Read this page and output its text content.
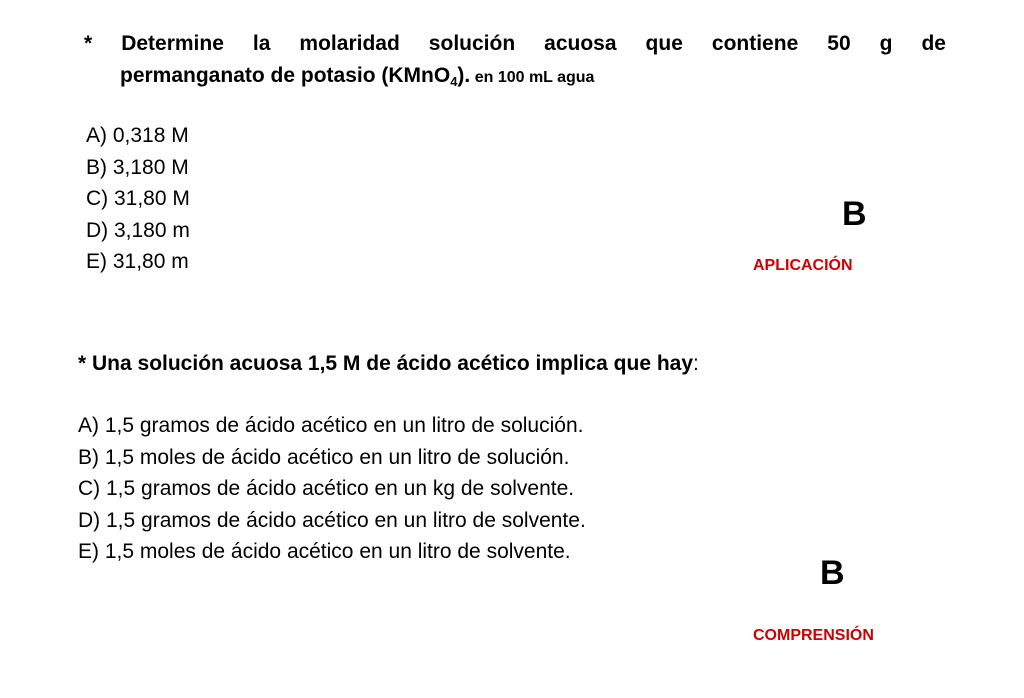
* Determine la molaridad solución acuosa que contiene 50 g de
permanganato de potasio (KMnO$_4$). en 100 mL agua
A) 0,318 M
B) 3,180 M
C) 31,80 M
D) 3,180 m
E) 31,80 m
B
APLICACIÓN
* Una solución acuosa 1,5 M de ácido acético implica que hay:
A) 1,5 gramos de ácido acético en un litro de solución.
B) 1,5 moles de ácido acético en un litro de solución.
C) 1,5 gramos de ácido acético en un kg de solvente.
D) 1,5 gramos de ácido acético en un litro de solvente.
E) 1,5 moles de ácido acético en un litro de solvente.
B
COMPRENSIÓN
